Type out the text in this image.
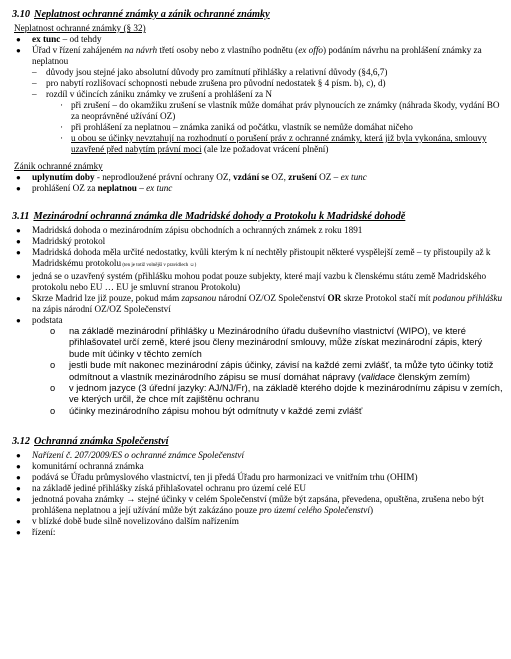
3.10 Neplatnost ochranné známky a zánik ochranné známky
Neplatnost ochranné známky (§ 32)
● ex tunc – od tehdy
● Úřad v řízení zahájeném na návrh třetí osoby nebo z vlastního podnětu (ex offo) podáním návrhu na prohlášení známky za neplatnou
– důvody jsou stejné jako absolutní důvody pro zamítnutí přihlášky a relativní důvody (§4,6,7)
– pro nabytí rozlišovací schopnosti nebude zrušena pro původní nedostatek § 4 písm. b), c), d)
– rozdíl v účincích zániku známky ve zrušení a prohlášení za N
· při zrušení – do okamžiku zrušení se vlastník může domáhat práv plynoucích ze známky (náhrada škody, vydání BO za neoprávněné užívání OZ)
· při prohlášení za neplatnou – známka zaniká od počátku, vlastník se nemůže domáhat ničeho
· u obou se účinky nevztahují na rozhodnutí o porušení práv z ochranné známky, která již byla vykonána, smlouvy uzavřené před nabytím právní moci (ale lze požadovat vrácení plnění)
Zánik ochranné známky
● uplynutím doby - neprodloužené právní ochrany OZ, vzdání se OZ, zrušení OZ – ex tunc
● prohlášení OZ za neplatnou – ex tunc
3.11 Mezinárodní ochranná známka dle Madridské dohody a Protokolu k Madridské dohodě
● Madridská dohoda o mezinárodním zápisu obchodních a ochranných známek z roku 1891
● Madridský protokol
● Madridská dohoda měla určité nedostatky, kvůli kterým k ní nechtěly přistoupit některé vyspělejší země – ty přistoupily až k Madridskému protokolu (ten je totiž volnější v pravidlech ☺)
● jedná se o uzavřený systém (přihlášku mohou podat pouze subjekty, které mají vazbu k členskému státu země Madridského protokolu nebo EU … EU je smluvní stranou Protokolu)
● Skrze Madrid lze již pouze, pokud mám zapsanou národní OZ/OZ Společenství OR skrze Protokol stačí mít podanou přihlášku na zápis národní OZ/OZ Společenství
● podstata
o na základě mezinárodní přihlášky u Mezinárodního úřadu duševního vlastnictví (WIPO), ve které přihlašovatel určí země, které jsou členy mezinárodní smlouvy, může získat mezinárodní zápis, který bude mít účinky v těchto zemích
o jestli bude mít nakonec mezinárodní zápis účinky, závisí na každé zemi zvlášť, ta může tyto účinky totiž odmítnout a vlastník mezinárodního zápisu se musí domáhat nápravy (validace členským zemím)
o v jednom jazyce (3 úřední jazyky: AJ/NJ/Fr), na základě kterého dojde k mezinárodnímu zápisu v zemích, ve kterých určil, že chce mít zajištěnu ochranu
o účinky mezinárodního zápisu mohou být odmítnuty v každé zemi zvlášť
3.12 Ochranná známka Společenství
● Nařízení č. 207/2009/ES o ochranné známce Společenství
● komunitární ochranná známka
● podává se Úřadu průmyslového vlastnictví, ten ji předá Úřadu pro harmonizaci ve vnitřním trhu (OHIM)
● na základě jediné přihlášky získá přihlašovatel ochranu pro území celé EU
● jednotná povaha známky → stejné účinky v celém Společenství (může být zapsána, převedena, opuštěna, zrušena nebo být prohlášena neplatnou a její užívání může být zakázáno pouze pro území celého Společenství)
● v blízké době bude silně novelizováno dalším nařízením
● řízení:
